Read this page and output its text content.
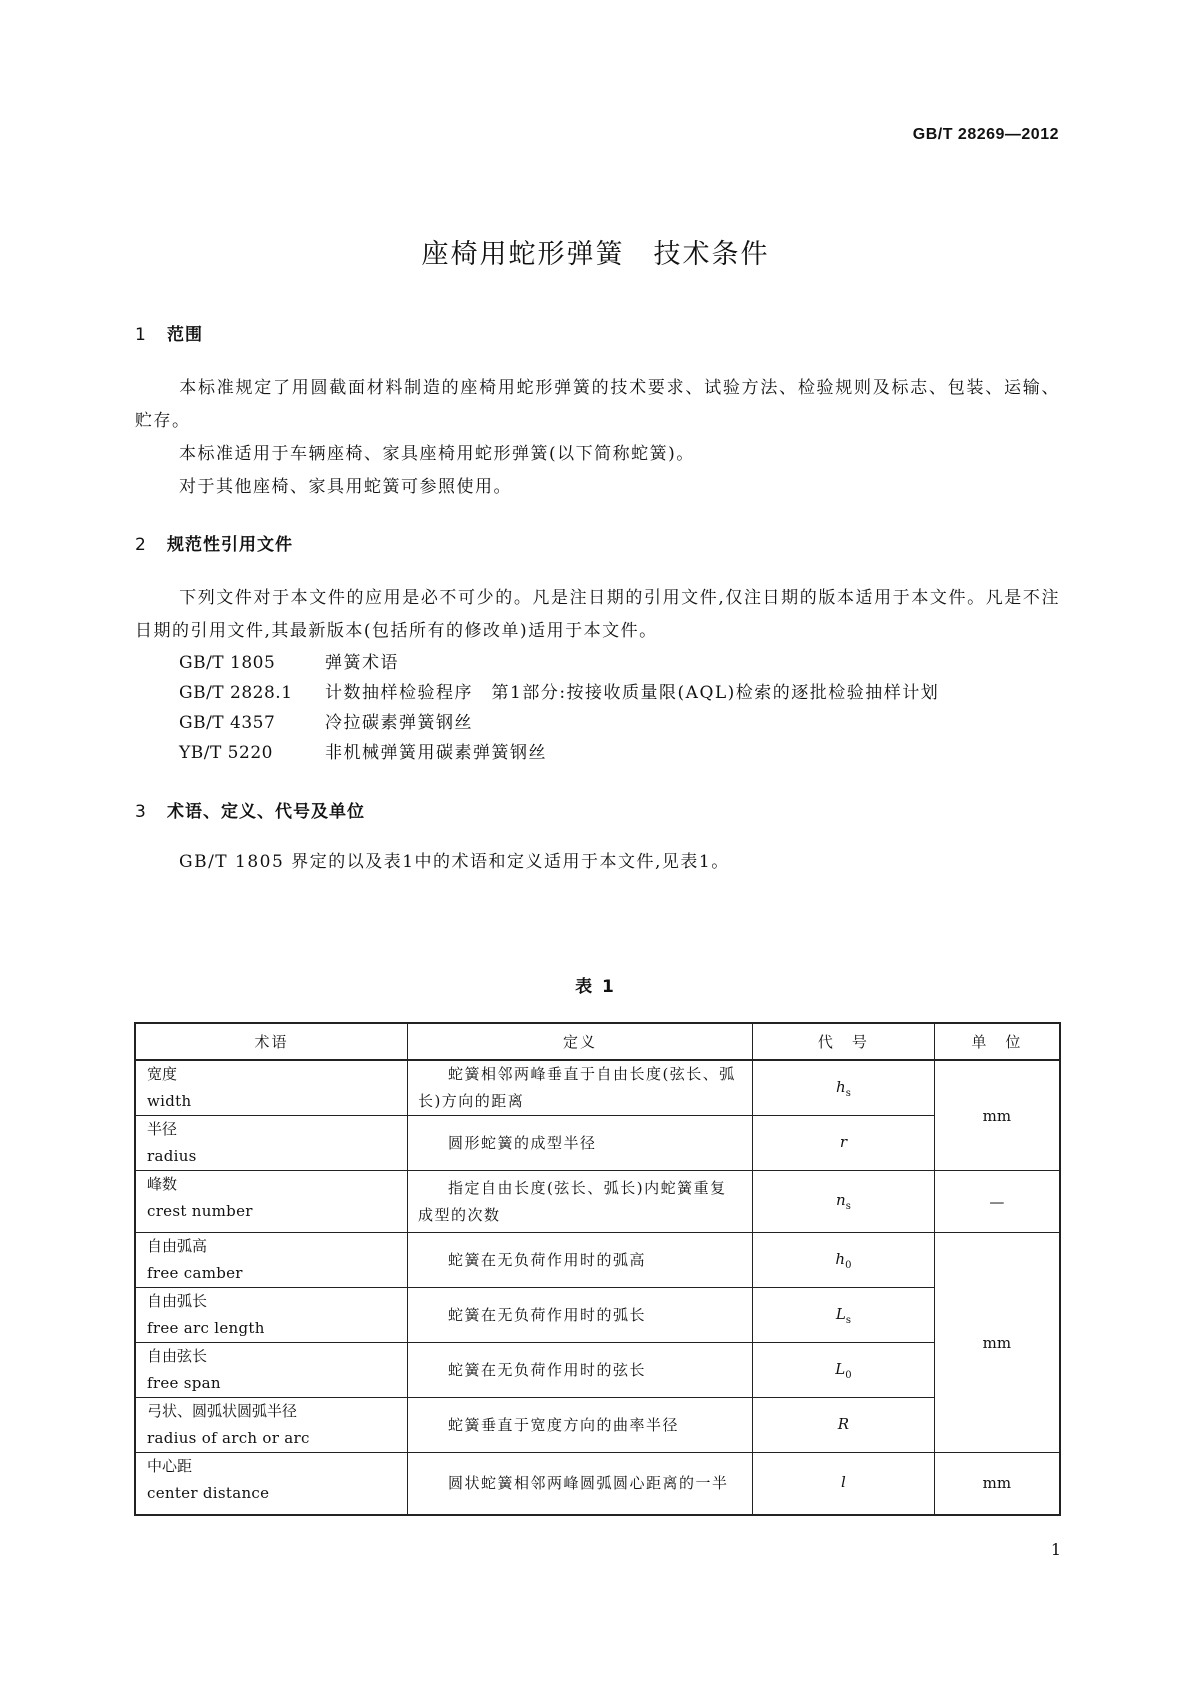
GB/T 28269—2012
座椅用蛇形弹簧　技术条件
1 范围
本标准规定了用圆截面材料制造的座椅用蛇形弹簧的技术要求、试验方法、检验规则及标志、包装、运输、贮存。
本标准适用于车辆座椅、家具座椅用蛇形弹簧(以下简称蛇簧)。
对于其他座椅、家具用蛇簧可参照使用。
2 规范性引用文件
下列文件对于本文件的应用是必不可少的。凡是注日期的引用文件,仅注日期的版本适用于本文件。凡是不注日期的引用文件,其最新版本(包括所有的修改单)适用于本文件。
GB/T 1805	弹簧术语
GB/T 2828.1	计数抽样检验程序　第1部分:按接收质量限(AQL)检索的逐批检验抽样计划
GB/T 4357	冷拉碳素弹簧钢丝
YB/T 5220	非机械弹簧用碳素弹簧钢丝
3 术语、定义、代号及单位
GB/T 1805 界定的以及表1中的术语和定义适用于本文件,见表1。
表 1
术语	定义	代　号	单　位

宽度
width	蛇簧相邻两峰垂直于自由长度(弦长、弧长)方向的距离	$h_s$	mm

半径
radius	圆形蛇簧的成型半径	r	

峰数
crest number	指定自由长度(弦长、弧长)内蛇簧重复成型的次数	$n_s$	—

自由弧高
free camber	蛇簧在无负荷作用时的弧高	$h_0$	mm

自由弧长
free arc length	蛇簧在无负荷作用时的弧长	$L_s$

自由弦长
free span	蛇簧在无负荷作用时的弦长	$L_0$

弓状、圆弧状圆弧半径
radius of arch or arc	蛇簧垂直于宽度方向的曲率半径	R	

中心距
center distance	圆状蛇簧相邻两峰圆弧圆心距离的一半	l	mm
1
